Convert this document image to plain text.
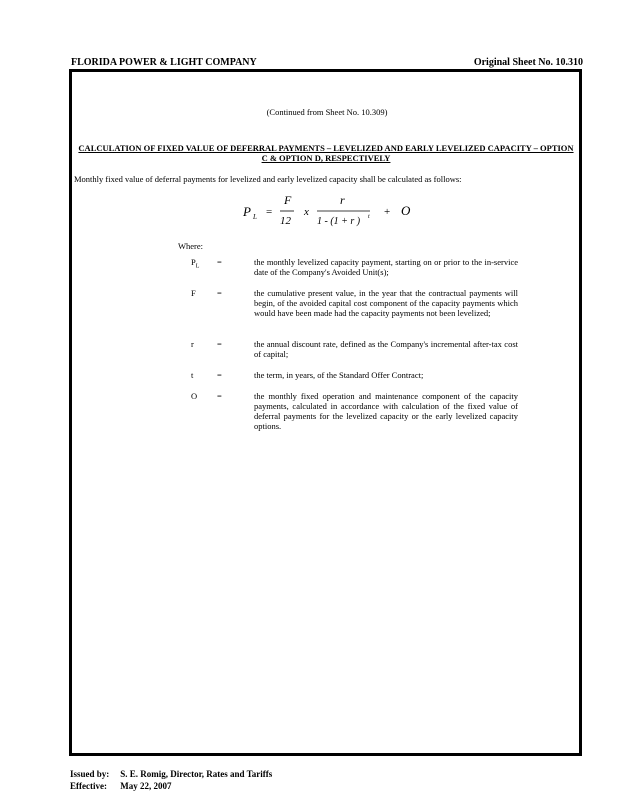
FLORIDA POWER & LIGHT COMPANY	Original Sheet No. 10.310
(Continued from Sheet No. 10.309)
CALCULATION OF FIXED VALUE OF DEFERRAL PAYMENTS – LEVELIZED AND EARLY LEVELIZED CAPACITY – OPTION C & OPTION D, RESPECTIVELY
Monthly fixed value of deferral payments for levelized and early levelized capacity shall be calculated as follows:
P L =
F
12
x
r
1 - (1 + r ) t + O
Where:
$P_L$ =	the monthly levelized capacity payment, starting on or prior to the in-service date of the Company's Avoided Unit(s);
F	=	the cumulative present value, in the year that the contractual payments will begin, of the avoided capital cost component of the capacity payments which would have been made had the capacity payments not been levelized;
r	=	the annual discount rate, defined as the Company's incremental after-tax cost of capital;
t	=	the term, in years, of the Standard Offer Contract;
O =	the monthly fixed operation and maintenance component of the capacity payments, calculated in accordance with calculation of the fixed value of deferral payments for the levelized capacity or the early levelized capacity options.
Issued by: S. E. Romig, Director, Rates and Tariffs
Effective: May 22, 2007
